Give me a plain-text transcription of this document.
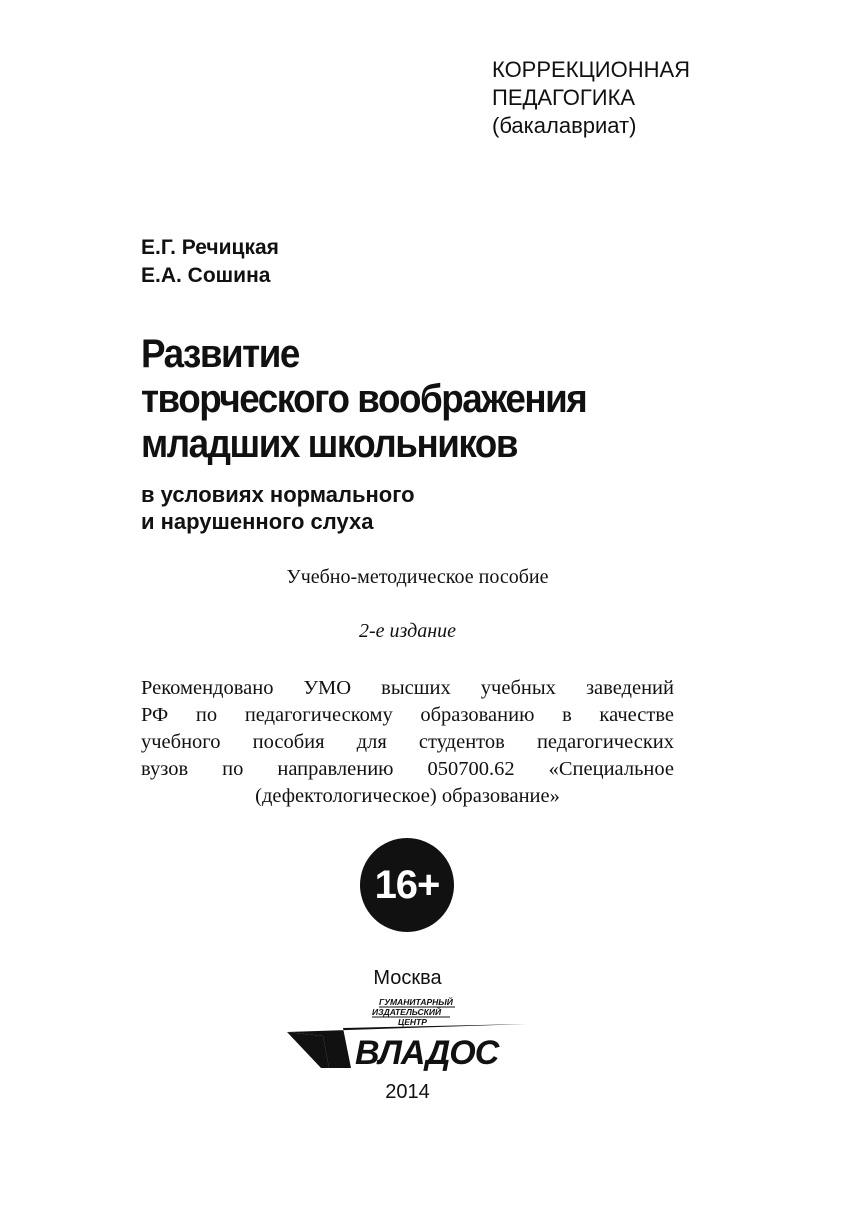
КОРРЕКЦИОННАЯ
ПЕДАГОГИКА
(бакалавриат)
Е.Г. Речицкая
Е.А. Сошина
Развитие
творческого воображения
младших школьников
в условиях нормального
и нарушенного слуха
Учебно-методическое пособие
2-е издание
Рекомендовано УМО высших учебных заведений
РФ по педагогическому образованию в качестве
учебного пособия для студентов педагогических
вузов по направлению 050700.62 «Специальное
(дефектологическое) образование»
16+
Москва
ГУМАНИТАРНЫЙ
ИЗДАТЕЛЬСКИЙ
ЦЕНТР
ВЛАДОС
2014
